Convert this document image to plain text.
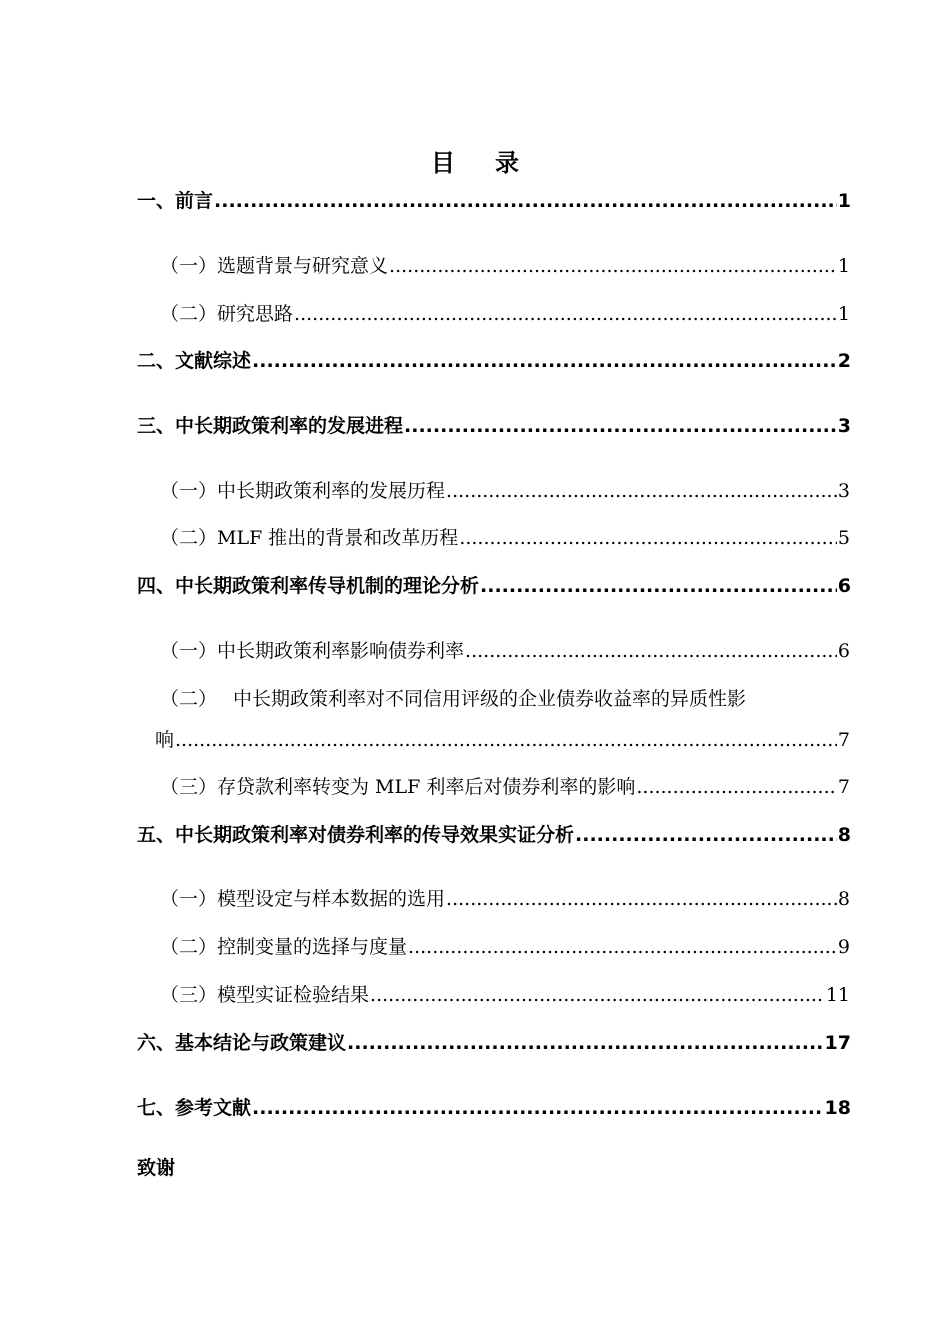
目 录
一、 前言 .....	1
（一） 选题背景与研究意义 .....	1
（二） 研究思路 .....	1
二、 文献综述 .....	2
三、 中长期政策利率的发展进程 .....	3
（一） 中长期政策利率的发展历程 .....	3
（二） MLF 推出的背景和改革历程 .....	5
四、 中长期政策利率传导机制的理论分析 .....	6
（一） 中长期政策利率影响债券利率 .....	6
（二） 中长期政策利率对不同信用评级的企业债券收益率的异质性影
响 .....	7
（三） 存贷款利率转变为 MLF 利率后对债券利率的影响 .....	7
五、 中长期政策利率对债券利率的传导效果实证分析 .....	8
（一） 模型设定与样本数据的选用 .....	8
（二） 控制变量的选择与度量 .....	9
（三） 模型实证检验结果 .....	11
六、 基本结论与政策建议 .....	17
七、 参考文献 .....	18
致谢
